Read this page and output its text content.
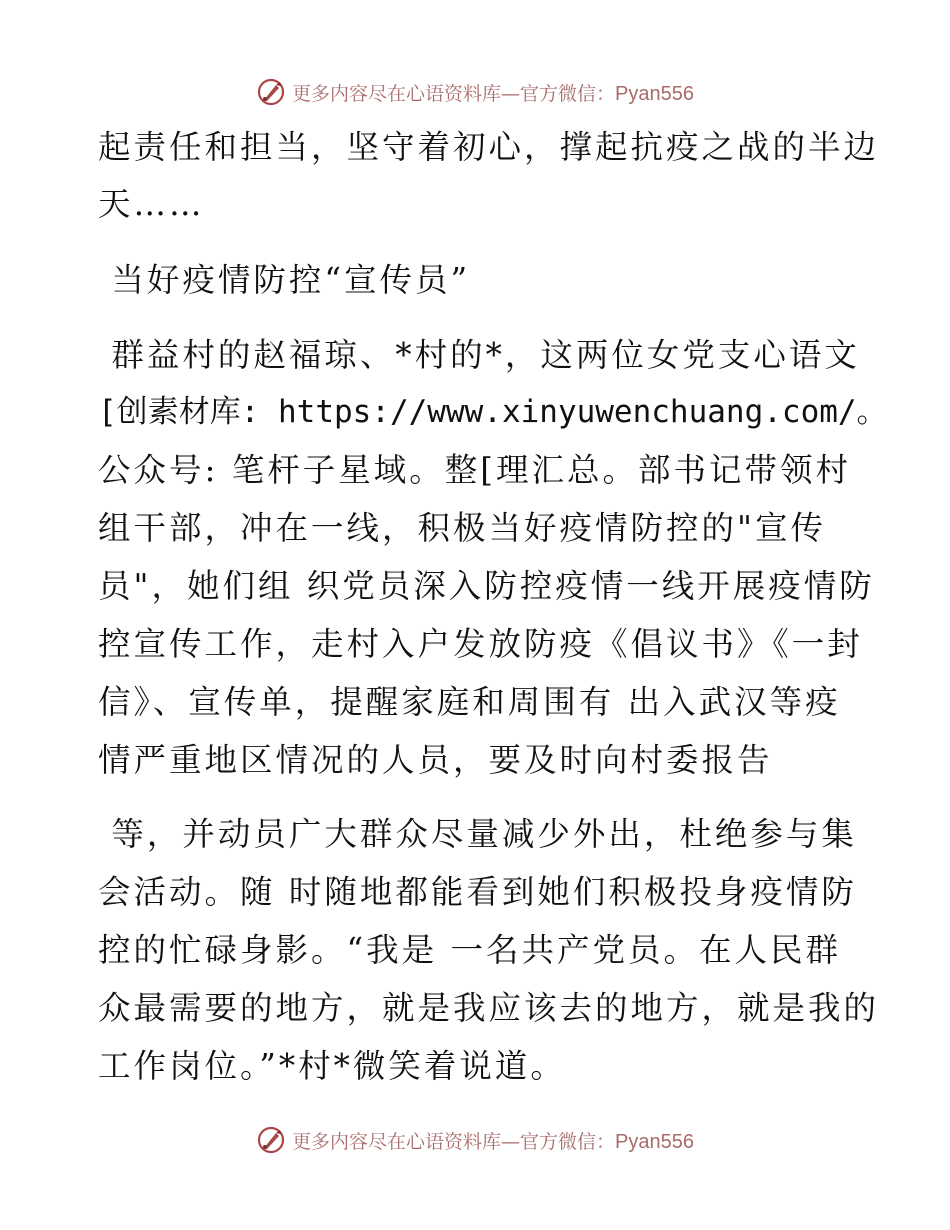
更多内容尽在心语资料库—官方微信：Pyan556
起责任和担当，坚守着初心，撑起抗疫之战的半边
天……
当好疫情防控“宣传员”
群益村的赵福琼、*村的*，这两位女党支心语文
[创素材库: https://www.xinyuwenchuang.com/。
公众号: 笔杆子星域。整[理汇总。部书记带领村
组干部，冲在一线，积极当好疫情防控的"宣传
员"，她们组 织党员深入防控疫情一线开展疫情防
控宣传工作，走村入户发放防疫《倡议书》《一封
信》、宣传单，提醒家庭和周围有 出入武汉等疫
情严重地区情况的人员，要及时向村委报告
等，并动员广大群众尽量减少外出，杜绝参与集
会活动。随 时随地都能看到她们积极投身疫情防
控的忙碌身影。“我是 一名共产党员。在人民群
众最需要的地方，就是我应该去的地方，就是我的
工作岗位。”*村*微笑着说道。
更多内容尽在心语资料库—官方微信：Pyan556
